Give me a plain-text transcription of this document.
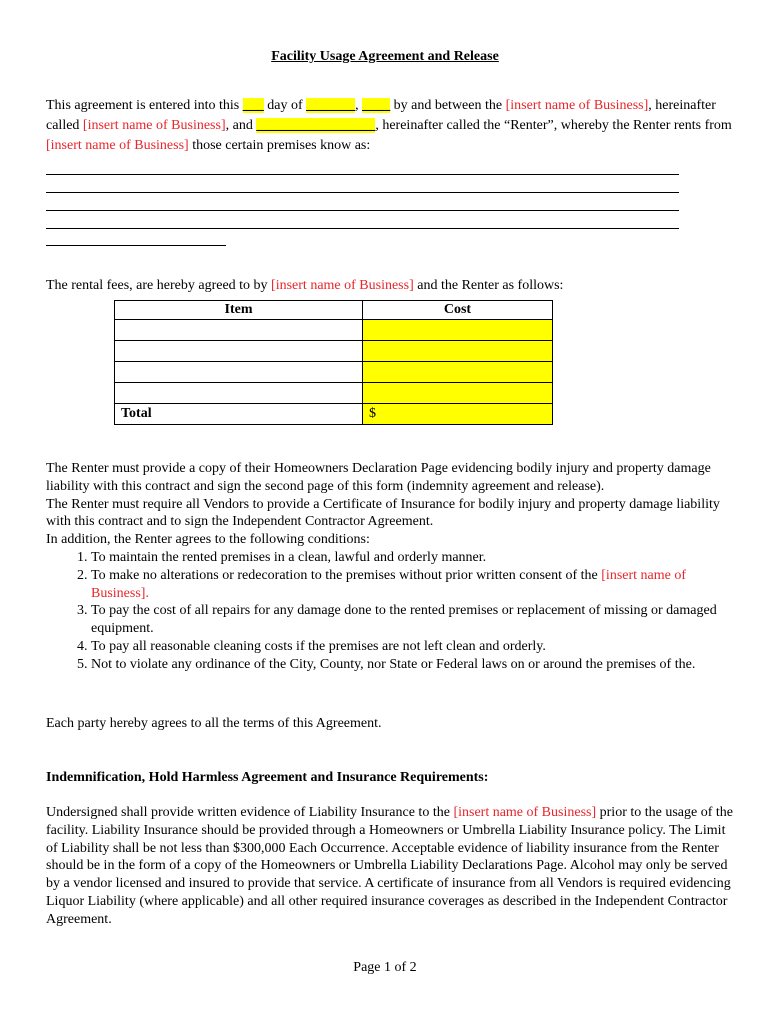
Facility Usage Agreement and Release
This agreement is entered into this ___ day of _______, ____ by and between the [insert name of Business], hereinafter called [insert name of Business], and _________________, hereinafter called the “Renter”, whereby the Renter rents from [insert name of Business] those certain premises know as:
The rental fees, are hereby agreed to by [insert name of Business] and the Renter as follows:
Item	Cost

Total	$

The Renter must provide a copy of their Homeowners Declaration Page evidencing bodily injury and property damage liability with this contract and sign the second page of this form (indemnity agreement and release).

The Renter must require all Vendors to provide a Certificate of Insurance for bodily injury and property damage liability with this contract and to sign the Independent Contractor Agreement.

In addition, the Renter agrees to the following conditions:

1. To maintain the rented premises in a clean, lawful and orderly manner.
2. To make no alterations or redecoration to the premises without prior written consent of the [insert name of Business].
3. To pay the cost of all repairs for any damage done to the rented premises or replacement of missing or damaged equipment.
4. To pay all reasonable cleaning costs if the premises are not left clean and orderly.
5. Not to violate any ordinance of the City, County, nor State or Federal laws on or around the premises of the.
Each party hereby agrees to all the terms of this Agreement.
Indemnification, Hold Harmless Agreement and Insurance Requirements:
Undersigned shall provide written evidence of Liability Insurance to the [insert name of Business] prior to the usage of the facility. Liability Insurance should be provided through a Homeowners or Umbrella Liability Insurance policy. The Limit of Liability shall be not less than $300,000 Each Occurrence. Acceptable evidence of liability insurance from the Renter should be in the form of a copy of the Homeowners or Umbrella Liability Declarations Page. Alcohol may only be served by a vendor licensed and insured to provide that service. A certificate of insurance from all Vendors is required evidencing Liquor Liability (where applicable) and all other required insurance coverages as described in the Independent Contractor Agreement.
Page 1 of 2
